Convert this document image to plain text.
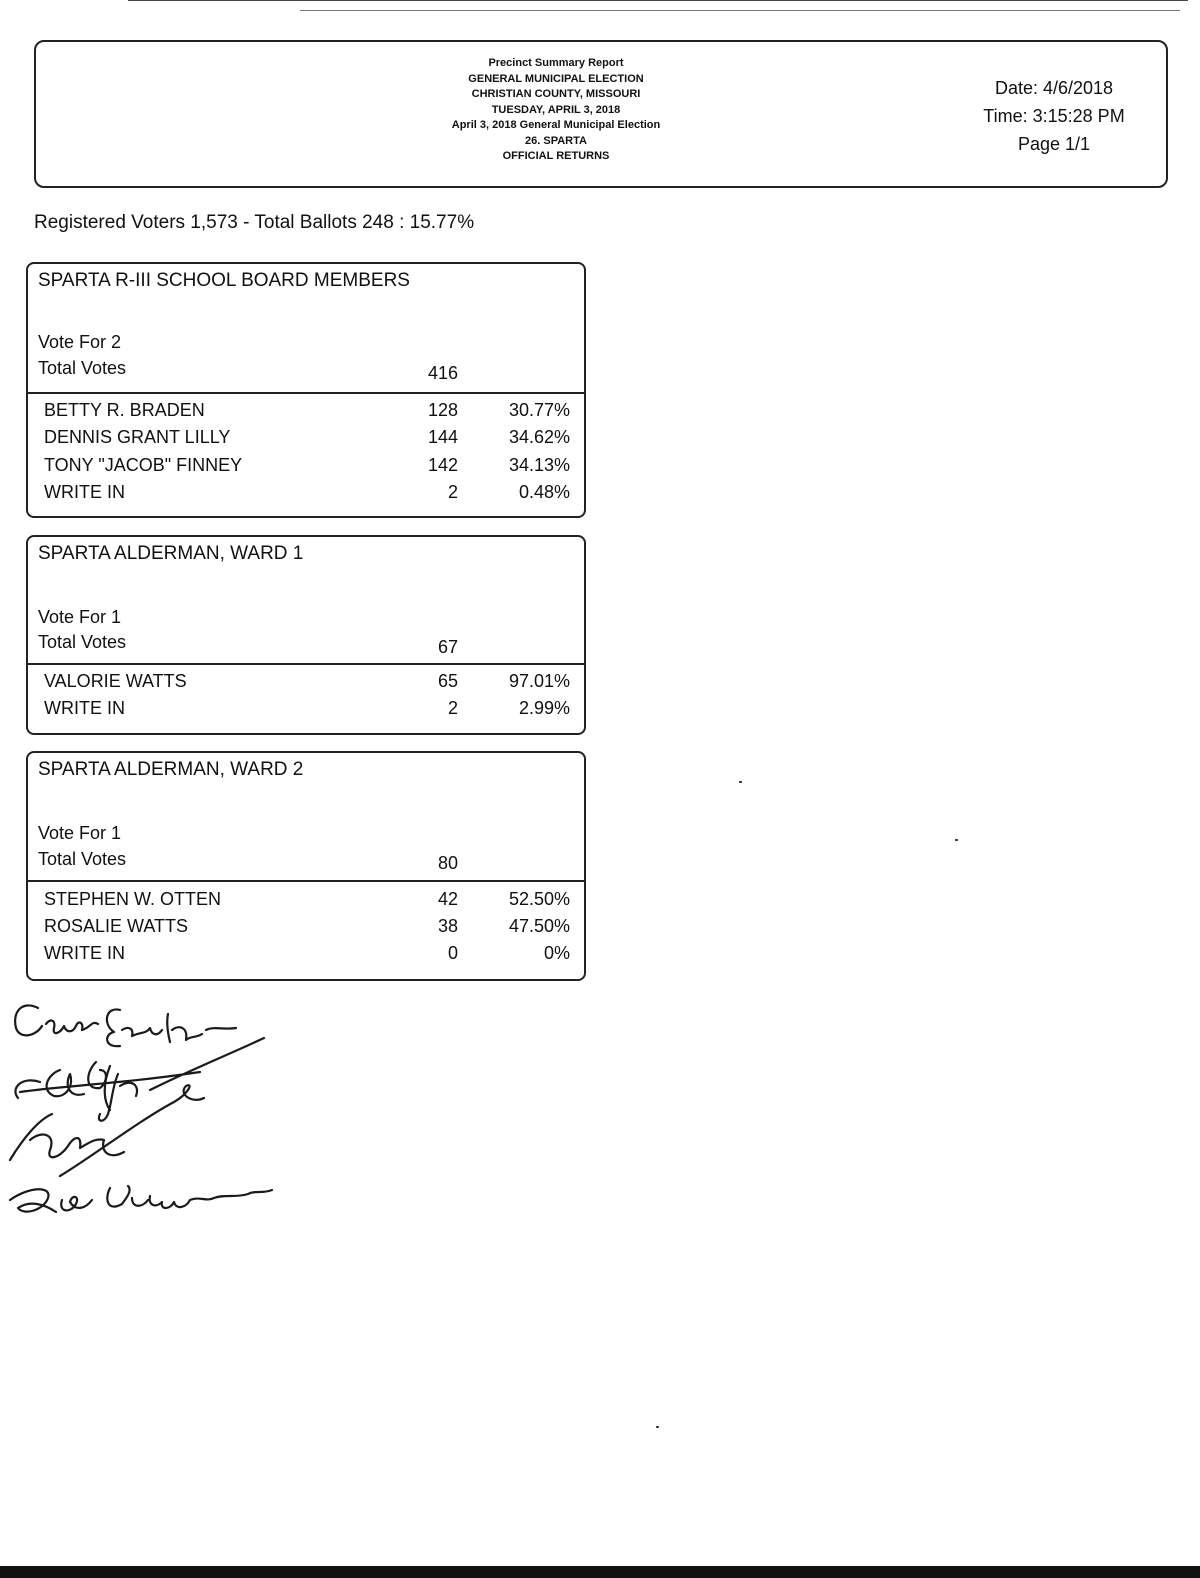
Precinct Summary Report
GENERAL MUNICIPAL ELECTION
CHRISTIAN COUNTY, MISSOURI
TUESDAY, APRIL 3, 2018
April 3, 2018 General Municipal Election
26. SPARTA
OFFICIAL RETURNS
Date: 4/6/2018
Time: 3:15:28 PM
Page 1/1
Registered Voters 1,573 - Total Ballots 248 : 15.77%
SPARTA R-III SCHOOL BOARD MEMBERS
Vote For 2
Total Votes	416
BETTY R. BRADEN	128	30.77%
DENNIS GRANT LILLY	144	34.62%
TONY "JACOB" FINNEY	142	34.13%
WRITE IN	2	0.48%
SPARTA ALDERMAN, WARD 1
Vote For 1
Total Votes	67
VALORIE WATTS	65	97.01%
WRITE IN	2	2.99%
SPARTA ALDERMAN, WARD 2
Vote For 1
Total Votes	80
STEPHEN W. OTTEN	42	52.50%
ROSALIE WATTS	38	47.50%
WRITE IN	0	0%
